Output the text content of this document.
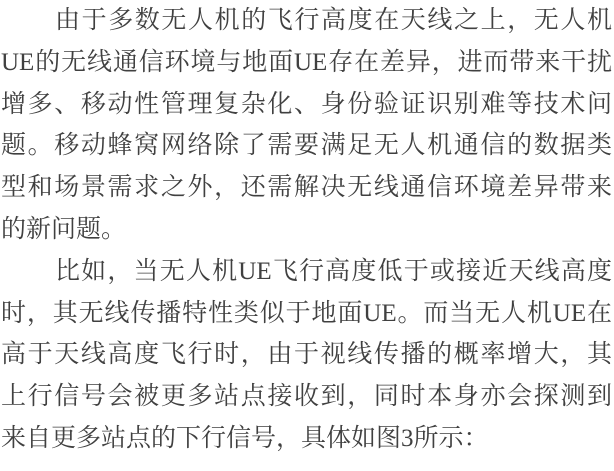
由于多数无人机的飞行高度在天线之上，无人机
UE的无线通信环境与地面UE存在差异，进而带来干扰
增多、移动性管理复杂化、身份验证识别难等技术问
题。移动蜂窝网络除了需要满足无人机通信的数据类
型和场景需求之外，还需解决无线通信环境差异带来
的新问题。
比如，当无人机UE飞行高度低于或接近天线高度
时，其无线传播特性类似于地面UE。而当无人机UE在
高于天线高度飞行时，由于视线传播的概率增大，其
上行信号会被更多站点接收到，同时本身亦会探测到
来自更多站点的下行信号，具体如图3所示：
